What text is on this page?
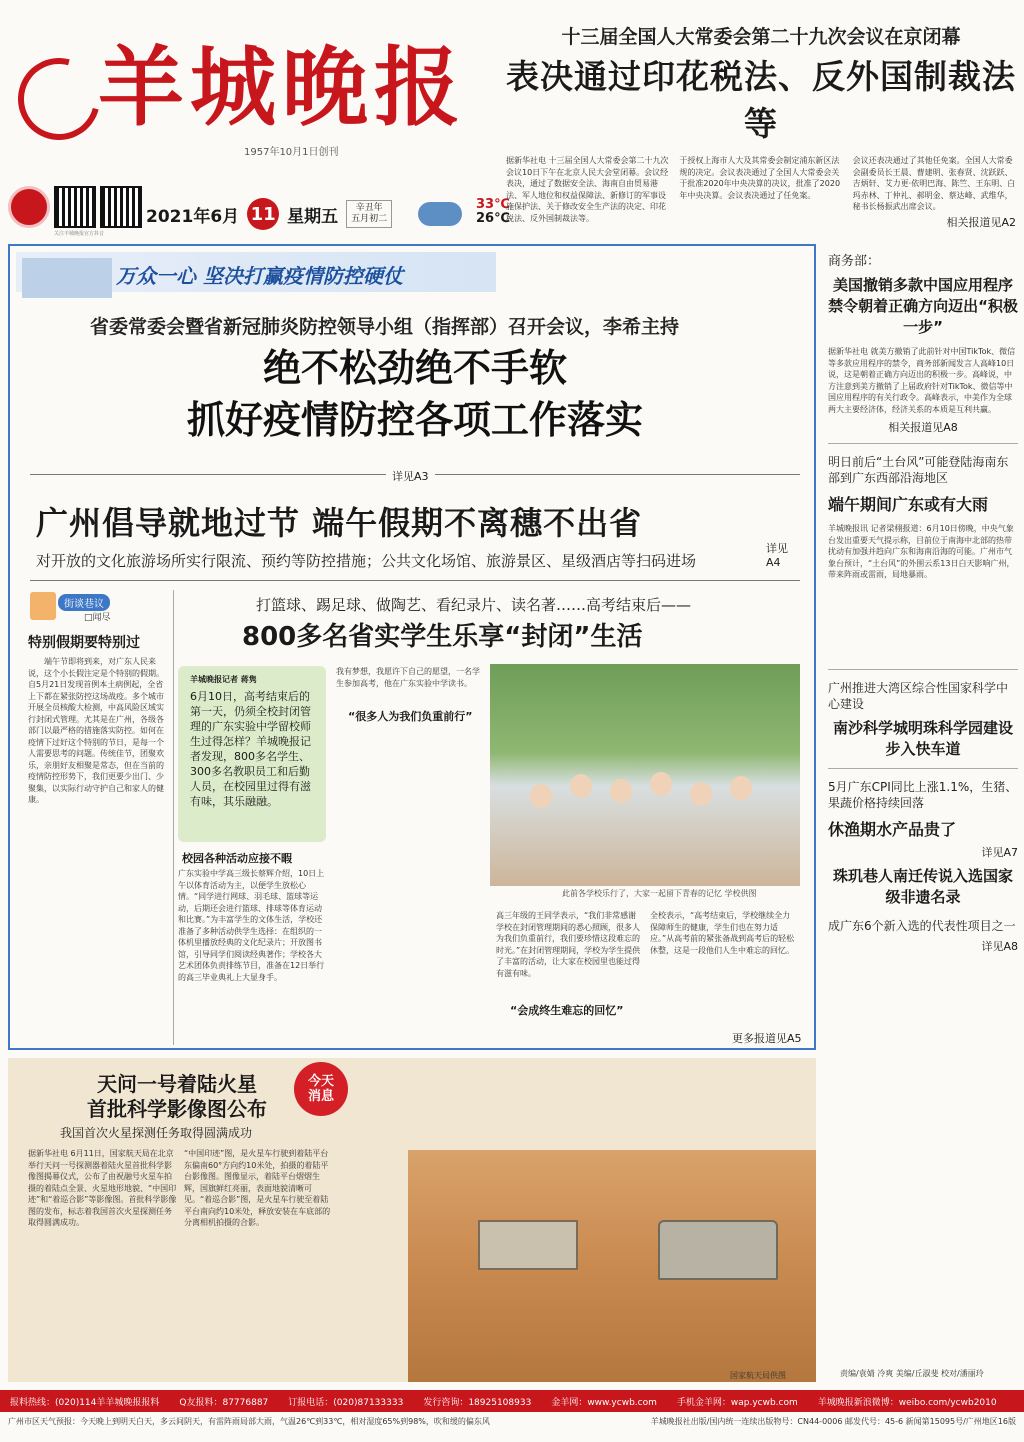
羊城晚报
1957年10月1日创刊
关注羊城晚报官方抖音
2021年6月 11 星期五	辛丑年
五月初二
33℃
26℃
十三届全国人大常委会第二十九次会议在京闭幕
表决通过印花税法、反外国制裁法等
据新华社电 十三届全国人大常委会第二十九次会议10日下午在北京人民大会堂闭幕。会议经表决，通过了数据安全法、海南自由贸易港法、军人地位和权益保障法、新修订的军事设施保护法、关于修改安全生产法的决定、印花税法、反外国制裁法等。
于授权上海市人大及其常委会制定浦东新区法规的决定。会议表决通过了全国人大常委会关于批准2020年中央决算的决议，批准了2020年中央决算。会议表决通过了任免案。
会议还表决通过了其他任免案。全国人大常委会副委员长王晨、曹建明、张春贤、沈跃跃、吉炳轩、艾力更·依明巴海、陈竺、王东明、白玛赤林、丁仲礼、郝明金、蔡达峰、武维华，秘书长杨振武出席会议。
相关报道见A2
万众一心 坚决打赢疫情防控硬仗
省委常委会暨省新冠肺炎防控领导小组（指挥部）召开会议，李希主持
绝不松劲绝不手软
抓好疫情防控各项工作落实
详见A3
广州倡导就地过节 端午假期不离穗不出省
对开放的文化旅游场所实行限流、预约等防控措施；公共文化场馆、旅游景区、星级酒店等扫码进场
详见A4
街谈巷议
□闻尽
特别假期要特别过
端午节即将到来，对广东人民来说，这个小长假注定是个特别的假期。自5月21日发现首例本土病例起，全省上下都在紧张防控这场战疫。多个城市开展全员核酸大检测，中高风险区域实行封闭式管理。尤其是在广州，各级各部门以最严格的措施落实防控。如何在疫情下过好这个特别的节日，是每一个人需要思考的问题。传统佳节，团聚欢乐，亲朋好友相聚是常态，但在当前的疫情防控形势下，我们更要少出门、少聚集，以实际行动守护自己和家人的健康。
打篮球、踢足球、做陶艺、看纪录片、读名著……高考结束后——
800多名省实学生乐享“封闭”生活
羊城晚报记者 蒋隽
6月10日，高考结束后的第一天，仍须全校封闭管理的广东实验中学留校师生过得怎样？羊城晚报记者发现，800多名学生、300多名教职员工和后勤人员，在校园里过得有滋有味，其乐融融。
校园各种活动应接不暇
广东实验中学高三级长蔡辉介绍，10日上午以体育活动为主，以便学生放松心情。“同学进行网球、羽毛球、篮球等运动，后期还会进行篮球、排球等体育运动和比赛。”为丰富学生的文体生活，学校还准备了多种活动供学生选择：在组织的一体机里播放经典的文化纪录片；开放图书馆，引导同学们阅读经典著作；学校各大艺术团体负责排练节目，准备在12日举行的高三毕业典礼上大显身手。
我有梦想，我愿许下自己的愿望，一名学生参加高考，他在广东实验中学读书。
“很多人为我们负重前行”
此前各学校乐行了，大家一起留下青春的记忆 学校供图
高三年级的王同学表示，“我们非常感谢学校在封闭管理期间的悉心照顾，很多人为我们负重前行，我们要珍惜这段难忘的时光。”在封闭管理期间，学校为学生提供了丰富的活动，让大家在校园里也能过得有滋有味。
全校表示，“高考结束后，学校继续全力保障师生的健康，学生们也在努力适应。”从高考前的紧张备战到高考后的轻松休整，这是一段他们人生中难忘的回忆。
“会成终生难忘的回忆”
更多报道见A5
商务部：
美国撤销多款中国应用程序禁令朝着正确方向迈出“积极一步”
据新华社电 就美方撤销了此前针对中国TikTok、微信等多款应用程序的禁令，商务部新闻发言人高峰10日说，这是朝着正确方向迈出的积极一步。高峰说，中方注意到美方撤销了上届政府针对TikTok、微信等中国应用程序的有关行政令。高峰表示，中美作为全球两大主要经济体，经济关系的本质是互利共赢。
相关报道见A8
明日前后“土台风”可能登陆海南东部到广东西部沿海地区
端午期间广东或有大雨
羊城晚报讯 记者梁栩报道：6月10日傍晚，中央气象台发出重要天气提示称，目前位于南海中北部的热带扰动有加强并趋向广东和海南沿海的可能。广州市气象台预计，“土台风”的外围云系13日白天影响广州，带来阵雨或雷雨，局地暴雨。
广州推进大湾区综合性国家科学中心建设
南沙科学城明珠科学园建设步入快车道
5月广东CPI同比上涨1.1%，生猪、果蔬价格持续回落
休渔期水产品贵了
详见A7
珠玑巷人南迁传说入选国家级非遗名录
成广东6个新入选的代表性项目之一
详见A8
责编/袁婧 冷爽 美编/丘淑斐 校对/潘丽玲
天问一号着陆火星
首批科学影像图公布
今天
消息
我国首次火星探测任务取得圆满成功
据新华社电 6月11日，国家航天局在北京举行天问一号探测器着陆火星首批科学影像图揭幕仪式，公布了由祝融号火星车拍摄的着陆点全景、火星地形地貌、“中国印迹”和“着巡合影”等影像图。首批科学影像图的发布，标志着我国首次火星探测任务取得圆满成功。
“中国印迹”图，是火星车行驶到着陆平台东偏南60°方向约10米处，拍摄的着陆平台影像图。图像显示，着陆平台熠熠生辉，国旗鲜红亮丽，表面地貌清晰可见。“着巡合影”图，是火星车行驶至着陆平台南向约10米处，释放安装在车底部的分离相机拍摄的合影。
国家航天局供图
报料热线：(020)114羊羊城晚报报料 Q友报料：87776887 订报电话：(020)87133333 发行咨询：18925108933 金羊网：www.ycwb.com 手机金羊网：wap.ycwb.com 羊城晚报新浪微博：weibo.com/ycwb2010
广州市区天气预报：今天晚上到明天白天，多云间阴天，有雷阵雨局部大雨，气温26℃到33℃，相对湿度65%到98%，吹和缓的偏东风	羊城晚报社出版/国内统一连续出版物号：CN44-0006 邮发代号：45-6 新闻第15095号/广州地区16版
